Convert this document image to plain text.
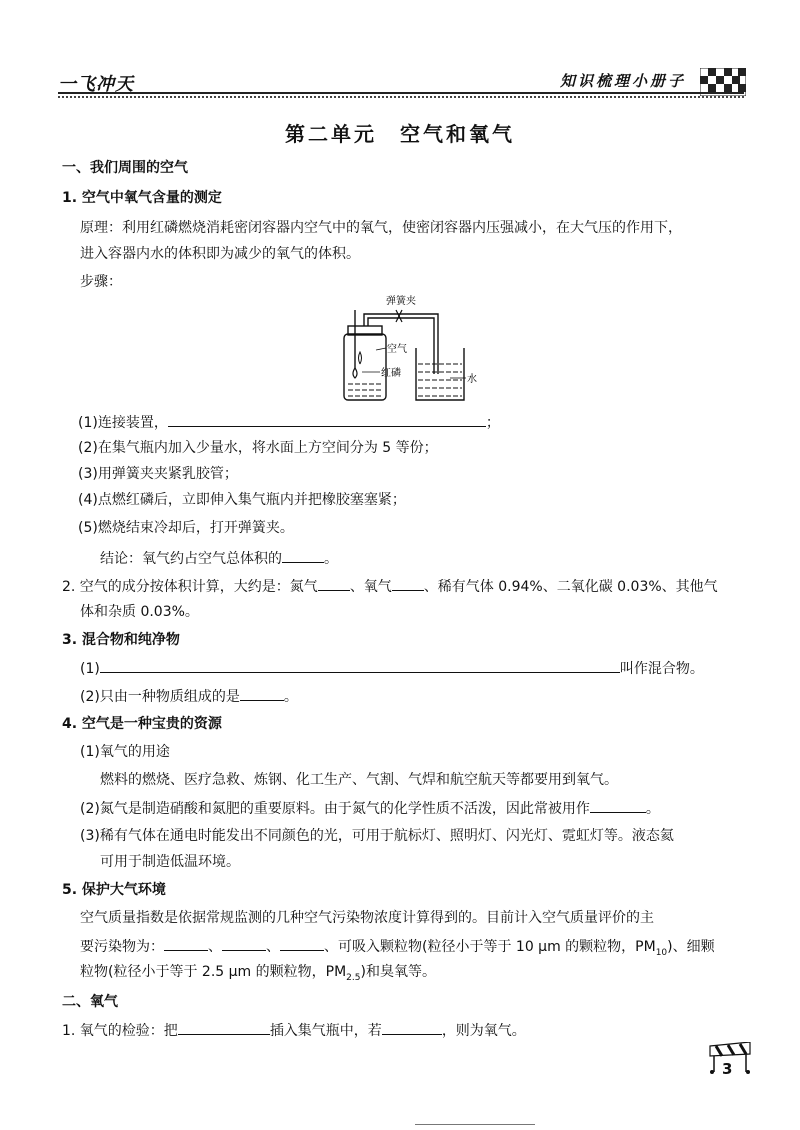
一飞冲天	知识梳理小册子
第二单元　空气和氧气
一、我们周围的空气
1. 空气中氧气含量的测定
原理：利用红磷燃烧消耗密闭容器内空气中的氧气，使密闭容器内压强减小，在大气压的作用下，
进入容器内水的体积即为减少的氧气的体积。
步骤：
弹簧夹
空气
红磷
水
(1)连接装置，	；
(2)在集气瓶内加入少量水，将水面上方空间分为 5 等份；
(3)用弹簧夹夹紧乳胶管；
(4)点燃红磷后，立即伸入集气瓶内并把橡胶塞塞紧；
(5)燃烧结束冷却后，打开弹簧夹。
结论：氧气约占空气总体积的	。
2. 空气的成分按体积计算，大约是：氮气 、氧气 、稀有气体 0.94%、二氧化碳 0.03%、其他气
体和杂质 0.03%。
3. 混合物和纯净物
(1)	叫作混合物。
(2)只由一种物质组成的是	。
4. 空气是一种宝贵的资源
(1)氧气的用途
燃料的燃烧、医疗急救、炼钢、化工生产、气割、气焊和航空航天等都要用到氧气。
(2)氮气是制造硝酸和氮肥的重要原料。由于氮气的化学性质不活泼，因此常被用作	。
(3)稀有气体在通电时能发出不同颜色的光，可用于航标灯、照明灯、闪光灯、霓虹灯等。液态氦
可用于制造低温环境。
5. 保护大气环境
空气质量指数是依据常规监测的几种空气污染物浓度计算得到的。目前计入空气质量评价的主
要污染物为：	、	、	、可吸入颗粒物(粒径小于等于 10 μm 的颗粒物，$PM_{10}$)、细颗
粒物(粒径小于等于 2.5 μm 的颗粒物，$PM_{2.5}$)和臭氧等。
二、氧气
1. 氧气的检验：把	插入集气瓶中，若	，则为氧气。
3
